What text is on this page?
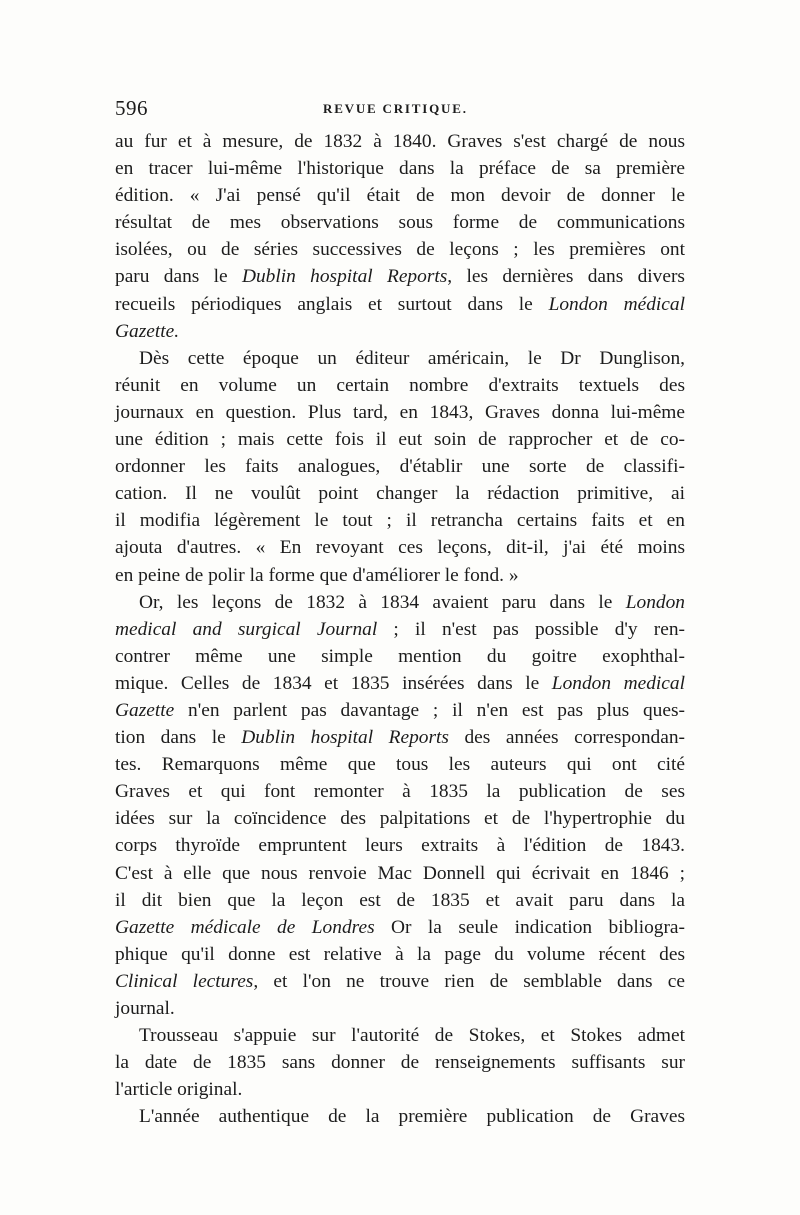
596	REVUE CRITIQUE.
au fur et à mesure, de 1832 à 1840. Graves s'est chargé de nous
en tracer lui-même l'historique dans la préface de sa première
édition. « J'ai pensé qu'il était de mon devoir de donner le
résultat de mes observations sous forme de communications
isolées, ou de séries successives de leçons ; les premières ont
paru dans le Dublin hospital Reports, les dernières dans divers
recueils périodiques anglais et surtout dans le London médical
Gazette.
Dès cette époque un éditeur américain, le Dr Dunglison,
réunit en volume un certain nombre d'extraits textuels des
journaux en question. Plus tard, en 1843, Graves donna lui-même
une édition ; mais cette fois il eut soin de rapprocher et de co-
ordonner les faits analogues, d'établir une sorte de classifi-
cation. Il ne voulût point changer la rédaction primitive, ai
il modifia légèrement le tout ; il retrancha certains faits et en
ajouta d'autres. « En revoyant ces leçons, dit-il, j'ai été moins
en peine de polir la forme que d'améliorer le fond. »
Or, les leçons de 1832 à 1834 avaient paru dans le London
medical and surgical Journal ; il n'est pas possible d'y ren-
contrer même une simple mention du goitre exophthal-
mique. Celles de 1834 et 1835 insérées dans le London medical
Gazette n'en parlent pas davantage ; il n'en est pas plus ques-
tion dans le Dublin hospital Reports des années correspondan-
tes. Remarquons même que tous les auteurs qui ont cité
Graves et qui font remonter à 1835 la publication de ses
idées sur la coïncidence des palpitations et de l'hypertrophie du
corps thyroïde empruntent leurs extraits à l'édition de 1843.
C'est à elle que nous renvoie Mac Donnell qui écrivait en 1846 ;
il dit bien que la leçon est de 1835 et avait paru dans la
Gazette médicale de Londres Or la seule indication bibliogra-
phique qu'il donne est relative à la page du volume récent des
Clinical lectures, et l'on ne trouve rien de semblable dans ce
journal.
Trousseau s'appuie sur l'autorité de Stokes, et Stokes admet
la date de 1835 sans donner de renseignements suffisants sur
l'article original.
L'année authentique de la première publication de Graves
